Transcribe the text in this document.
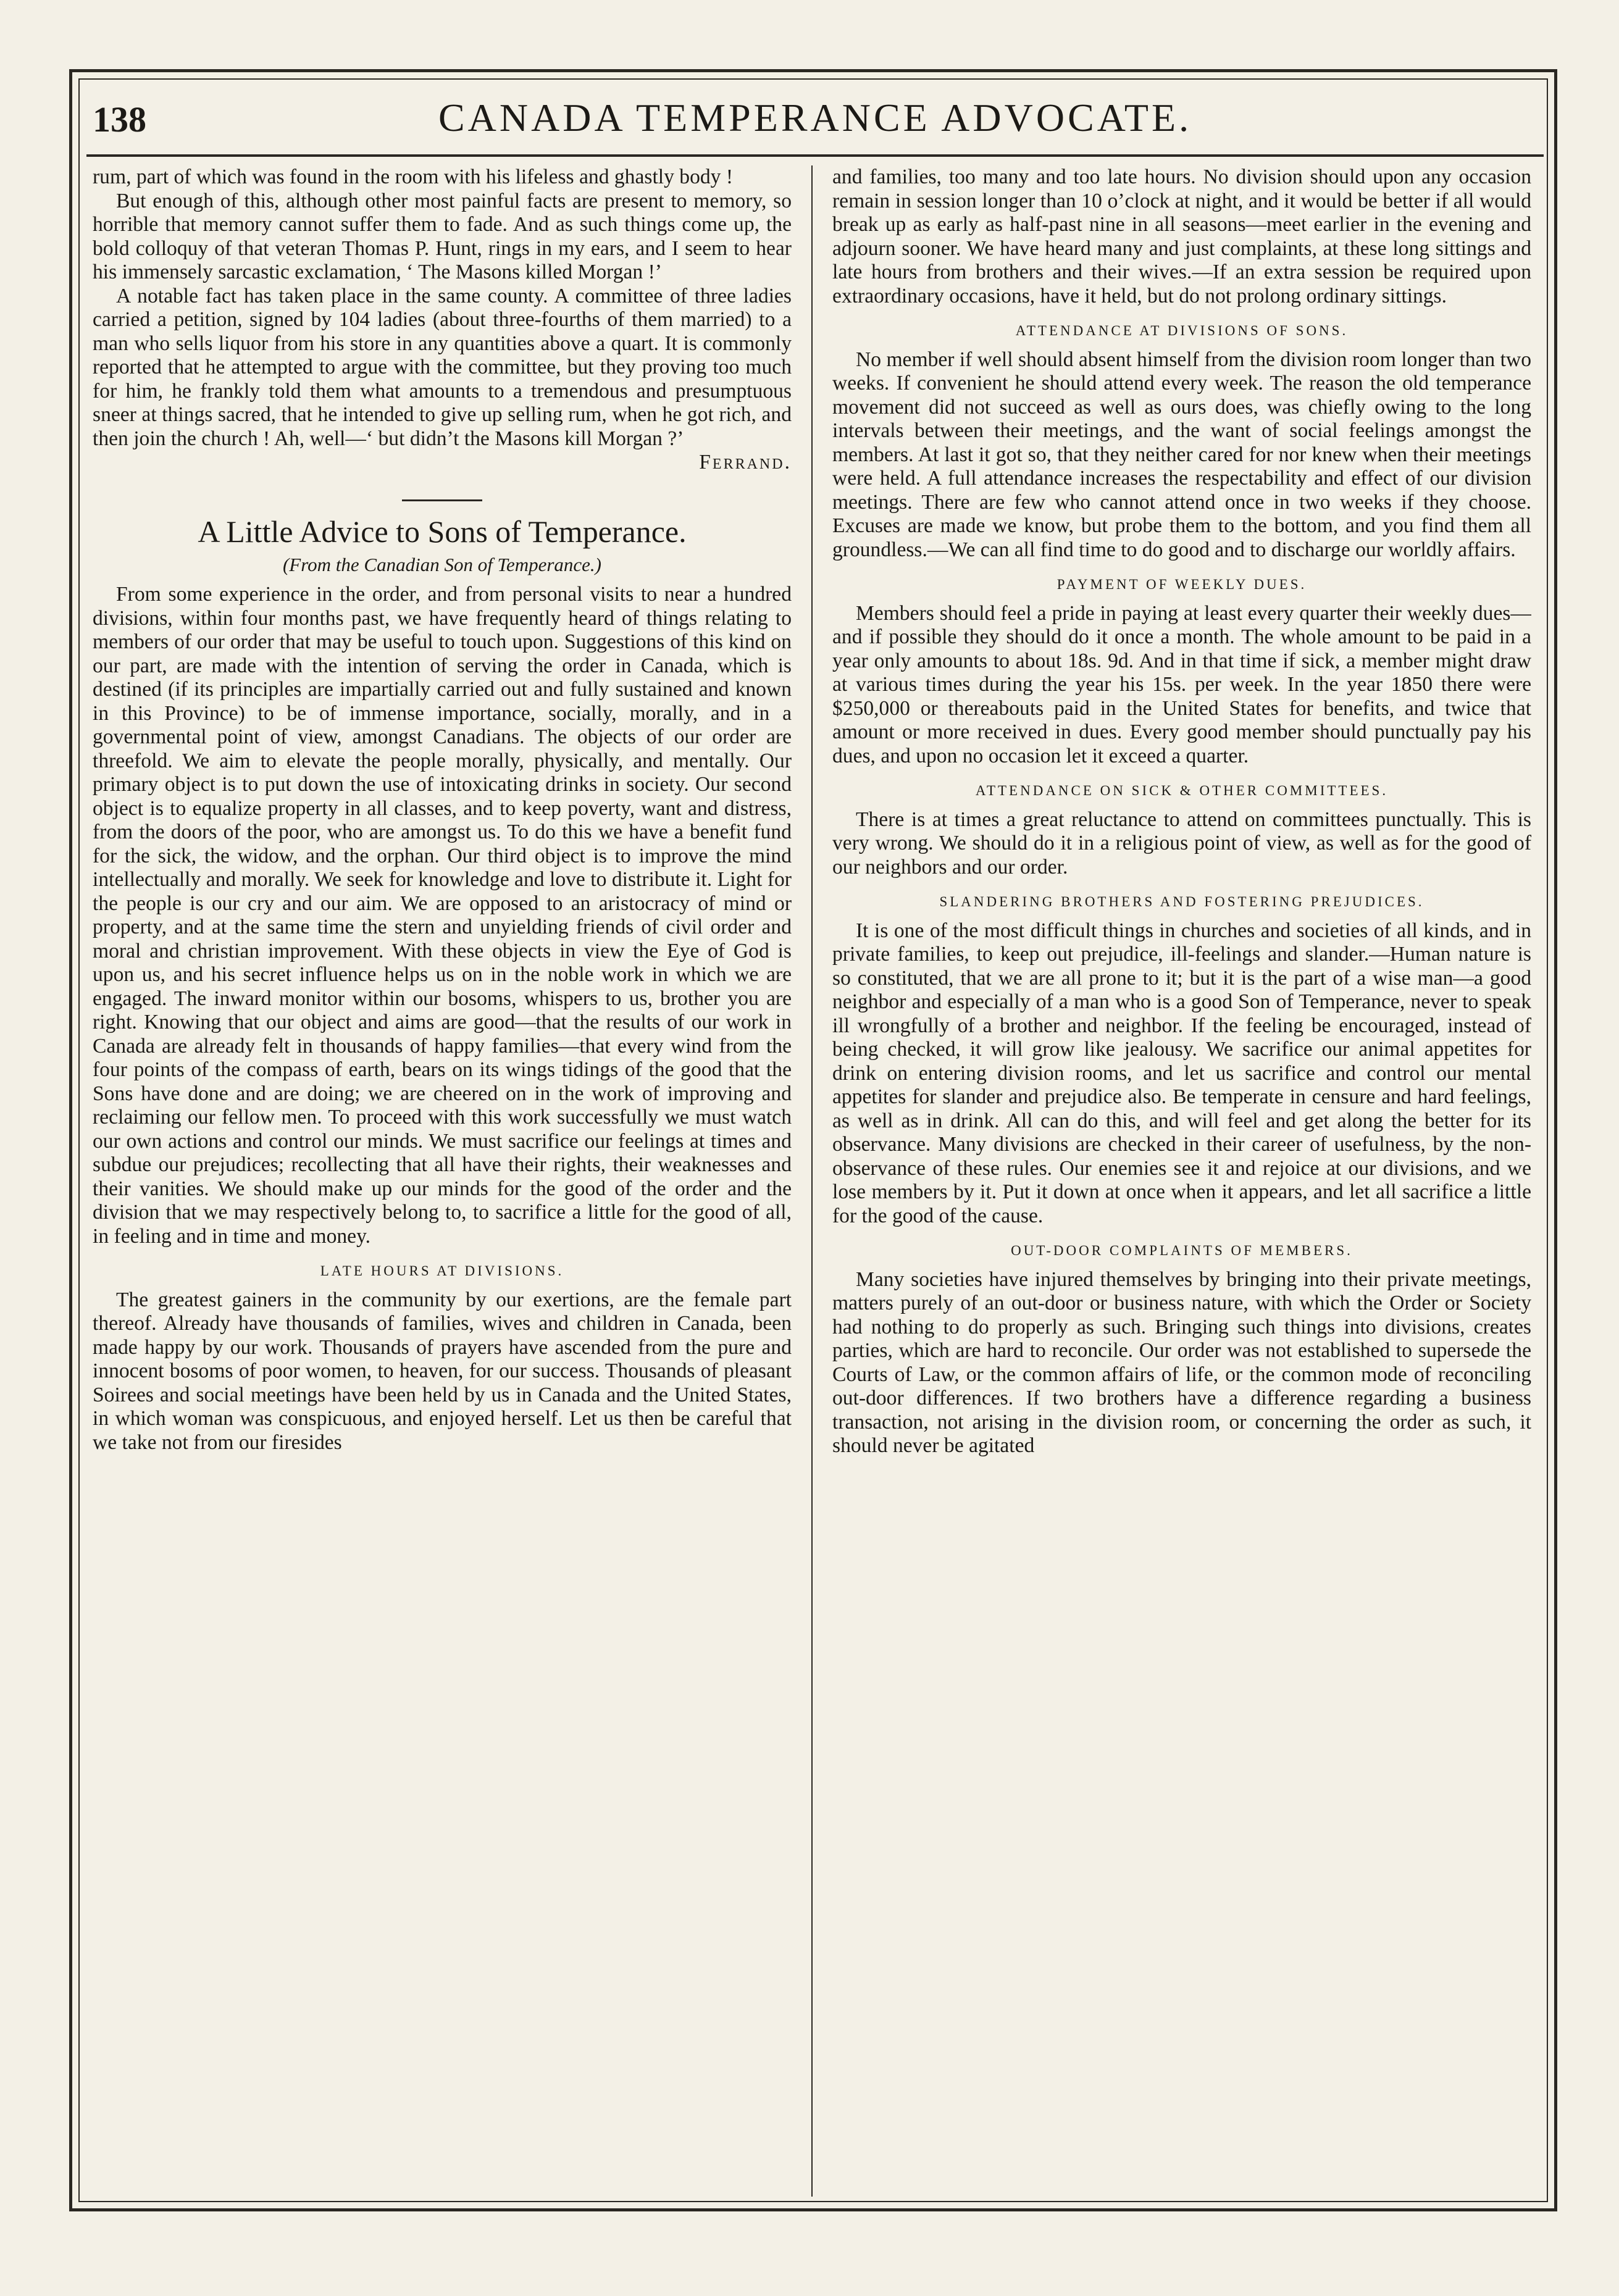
138	CANADA TEMPERANCE ADVOCATE.

rum, part of which was found in the room with his lifeless and ghastly body !

But enough of this, although other most painful facts are present to memory, so horrible that memory cannot suffer them to fade. And as such things come up, the bold colloquy of that veteran Thomas P. Hunt, rings in my ears, and I seem to hear his immensely sarcastic exclamation, ‘ The Masons killed Morgan !’

A notable fact has taken place in the same county. A committee of three ladies carried a petition, signed by 104 ladies (about three-fourths of them married) to a man who sells liquor from his store in any quantities above a quart. It is commonly reported that he attempted to argue with the committee, but they proving too much for him, he frankly told them what amounts to a tremendous and presumptuous sneer at things sacred, that he intended to give up selling rum, when he got rich, and then join the church ! Ah, well—‘ but didn’t the Masons kill Morgan ?’

Ferrand.

A Little Advice to Sons of Temperance.
(From the Canadian Son of Temperance.)

From some experience in the order, and from personal visits to near a hundred divisions, within four months past, we have frequently heard of things relating to members of our order that may be useful to touch upon. Suggestions of this kind on our part, are made with the intention of serving the order in Canada, which is destined (if its principles are impartially carried out and fully sustained and known in this Province) to be of immense importance, socially, morally, and in a governmental point of view, amongst Canadians. The objects of our order are threefold. We aim to elevate the people morally, physically, and mentally. Our primary object is to put down the use of intoxicating drinks in society. Our second object is to equalize property in all classes, and to keep poverty, want and distress, from the doors of the poor, who are amongst us. To do this we have a benefit fund for the sick, the widow, and the orphan. Our third object is to improve the mind intellectually and morally. We seek for knowledge and love to distribute it. Light for the people is our cry and our aim. We are opposed to an aristocracy of mind or property, and at the same time the stern and unyielding friends of civil order and moral and christian improvement. With these objects in view the Eye of God is upon us, and his secret influence helps us on in the noble work in which we are engaged. The inward monitor within our bosoms, whispers to us, brother you are right. Knowing that our object and aims are good—that the results of our work in Canada are already felt in thousands of happy families—that every wind from the four points of the compass of earth, bears on its wings tidings of the good that the Sons have done and are doing; we are cheered on in the work of improving and reclaiming our fellow men. To proceed with this work successfully we must watch our own actions and control our minds. We must sacrifice our feelings at times and subdue our prejudices; recollecting that all have their rights, their weaknesses and their vanities. We should make up our minds for the good of the order and the division that we may respectively belong to, to sacrifice a little for the good of all, in feeling and in time and money.

LATE HOURS AT DIVISIONS.

The greatest gainers in the community by our exertions, are the female part thereof. Already have thousands of families, wives and children in Canada, been made happy by our work. Thousands of prayers have ascended from the pure and innocent bosoms of poor women, to heaven, for our success. Thousands of pleasant Soirees and social meetings have been held by us in Canada and the United States, in which woman was conspicuous, and enjoyed herself. Let us then be careful that we take not from our firesides

and families, too many and too late hours. No division should upon any occasion remain in session longer than 10 o’clock at night, and it would be better if all would break up as early as half-past nine in all seasons—meet earlier in the evening and adjourn sooner. We have heard many and just complaints, at these long sittings and late hours from brothers and their wives.—If an extra session be required upon extraordinary occasions, have it held, but do not prolong ordinary sittings.

ATTENDANCE AT DIVISIONS OF SONS.

No member if well should absent himself from the division room longer than two weeks. If convenient he should attend every week. The reason the old temperance movement did not succeed as well as ours does, was chiefly owing to the long intervals between their meetings, and the want of social feelings amongst the members. At last it got so, that they neither cared for nor knew when their meetings were held. A full attendance increases the respectability and effect of our division meetings. There are few who cannot attend once in two weeks if they choose. Excuses are made we know, but probe them to the bottom, and you find them all groundless.—We can all find time to do good and to discharge our worldly affairs.

PAYMENT OF WEEKLY DUES.

Members should feel a pride in paying at least every quarter their weekly dues—and if possible they should do it once a month. The whole amount to be paid in a year only amounts to about 18s. 9d. And in that time if sick, a member might draw at various times during the year his 15s. per week. In the year 1850 there were $250,000 or thereabouts paid in the United States for benefits, and twice that amount or more received in dues. Every good member should punctually pay his dues, and upon no occasion let it exceed a quarter.

ATTENDANCE ON SICK & OTHER COMMITTEES.

There is at times a great reluctance to attend on committees punctually. This is very wrong. We should do it in a religious point of view, as well as for the good of our neighbors and our order.

SLANDERING BROTHERS AND FOSTERING PREJUDICES.

It is one of the most difficult things in churches and societies of all kinds, and in private families, to keep out prejudice, ill-feelings and slander.—Human nature is so constituted, that we are all prone to it; but it is the part of a wise man—a good neighbor and especially of a man who is a good Son of Temperance, never to speak ill wrongfully of a brother and neighbor. If the feeling be encouraged, instead of being checked, it will grow like jealousy. We sacrifice our animal appetites for drink on entering division rooms, and let us sacrifice and control our mental appetites for slander and prejudice also. Be temperate in censure and hard feelings, as well as in drink. All can do this, and will feel and get along the better for its observance. Many divisions are checked in their career of usefulness, by the non-observance of these rules. Our enemies see it and rejoice at our divisions, and we lose members by it. Put it down at once when it appears, and let all sacrifice a little for the good of the cause.

OUT-DOOR COMPLAINTS OF MEMBERS.

Many societies have injured themselves by bringing into their private meetings, matters purely of an out-door or business nature, with which the Order or Society had nothing to do properly as such. Bringing such things into divisions, creates parties, which are hard to reconcile. Our order was not established to supersede the Courts of Law, or the common affairs of life, or the common mode of reconciling out-door differences. If two brothers have a difference regarding a business transaction, not arising in the division room, or concerning the order as such, it should never be agitated
